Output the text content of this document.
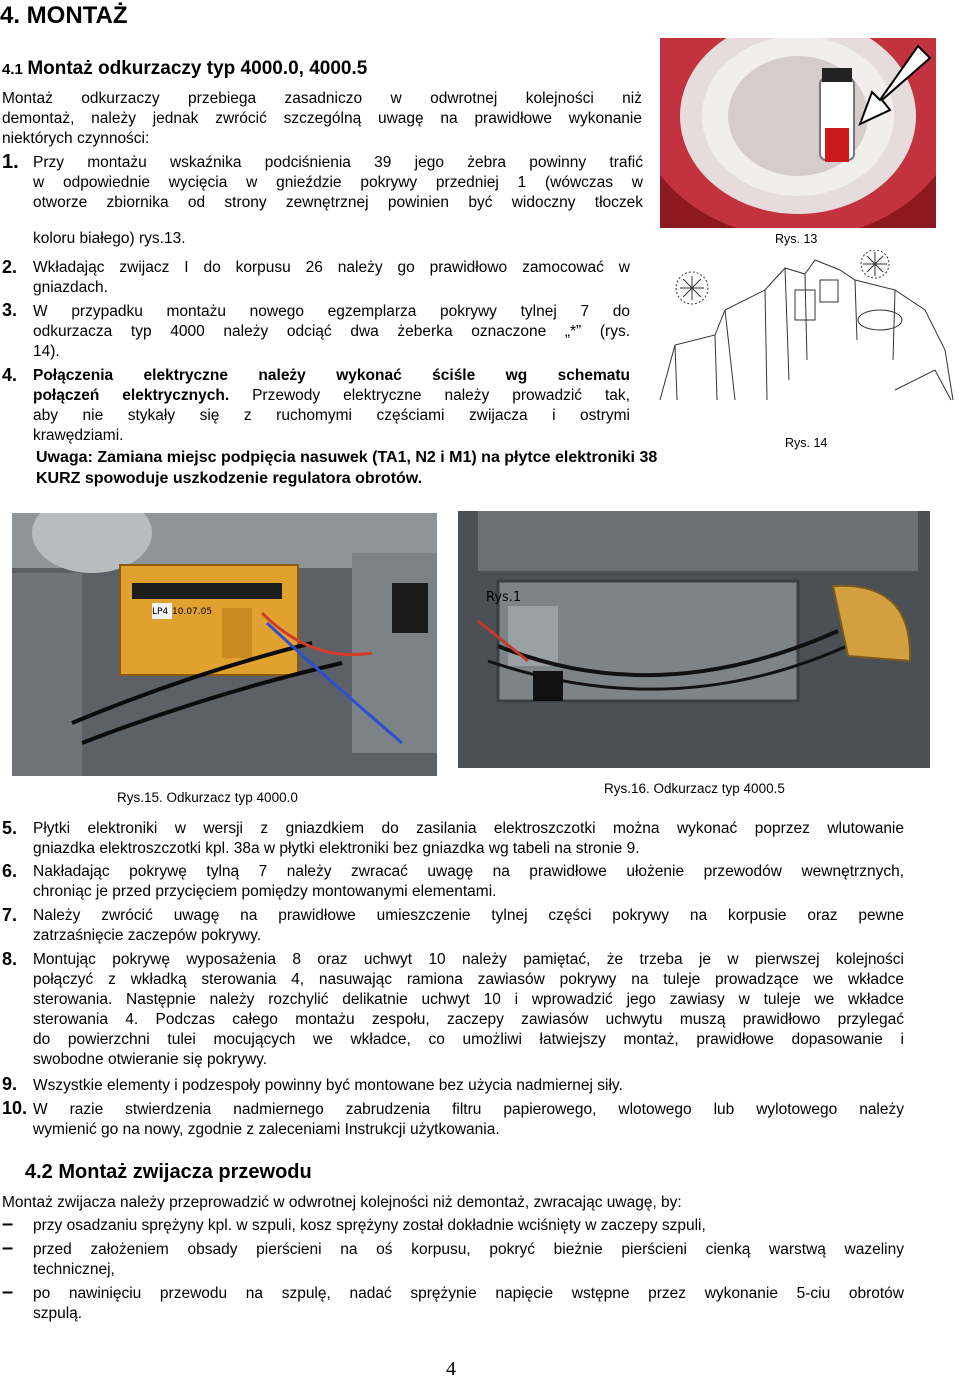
4. MONTAŻ
4.1 Montaż odkurzaczy typ 4000.0, 4000.5
Montaż odkurzaczy przebiega zasadniczo w odwrotnej kolejności niż
demontaż, należy jednak zwrócić szczególną uwagę na prawidłowe wykonanie
niektórych czynności:
1. Przy montażu wskaźnika podciśnienia 39 jego żebra powinny trafić
w odpowiednie wycięcia w gnieździe pokrywy przedniej 1 (wówczas w
otworze zbiornika od strony zewnętrznej powinien być widoczny tłoczek
koloru białego) rys.13.
2. Wkładając zwijacz I do korpusu 26 należy go prawidłowo zamocować w
gniazdach.
3. W przypadku montażu nowego egzemplarza pokrywy tylnej 7 do
odkurzacza typ 4000 należy odciąć dwa żeberka oznaczone „*” (rys.
14).
4. Połączenia elektryczne należy wykonać ściśle wg schematu
połączeń elektrycznych. Przewody elektryczne należy prowadzić tak,
aby nie stykały się z ruchomymi częściami zwijacza i ostrymi
krawędziami.
Uwaga: Zamiana miejsc podpięcia nasuwek (TA1, N2 i M1) na płytce elektroniki 38
KURZ spowoduje uszkodzenie regulatora obrotów.
Rys. 13
Rys. 14
LP4 10.07.05
Rys.15. Odkurzacz typ 4000.0
Rys.1
Rys.16. Odkurzacz typ 4000.5
5. Płytki elektroniki w wersji z gniazdkiem do zasilania elektroszczotki można wykonać poprzez wlutowanie
gniazdka elektroszczotki kpl. 38a w płytki elektroniki bez gniazdka wg tabeli na stronie 9.
6. Nakładając pokrywę tylną 7 należy zwracać uwagę na prawidłowe ułożenie przewodów wewnętrznych,
chroniąc je przed przycięciem pomiędzy montowanymi elementami.
7. Należy zwrócić uwagę na prawidłowe umieszczenie tylnej części pokrywy na korpusie oraz pewne
zatrzaśnięcie zaczepów pokrywy.
8. Montując pokrywę wyposażenia 8 oraz uchwyt 10 należy pamiętać, że trzeba je w pierwszej kolejności
połączyć z wkładką sterowania 4, nasuwając ramiona zawiasów pokrywy na tuleje prowadzące we wkładce
sterowania. Następnie należy rozchylić delikatnie uchwyt 10 i wprowadzić jego zawiasy w tuleje we wkładce
sterowania 4. Podczas całego montażu zespołu, zaczepy zawiasów uchwytu muszą prawidłowo przylegać
do powierzchni tulei mocujących we wkładce, co umożliwi łatwiejszy montaż, prawidłowe dopasowanie i
swobodne otwieranie się pokrywy.
9. Wszystkie elementy i podzespoły powinny być montowane bez użycia nadmiernej siły.
10. W razie stwierdzenia nadmiernego zabrudzenia filtru papierowego, wlotowego lub wylotowego należy
wymienić go na nowy, zgodnie z zaleceniami Instrukcji użytkowania.
4.2 Montaż zwijacza przewodu
Montaż zwijacza należy przeprowadzić w odwrotnej kolejności niż demontaż, zwracając uwagę, by:
– przy osadzaniu sprężyny kpl. w szpuli, kosz sprężyny został dokładnie wciśnięty w zaczepy szpuli,
– przed założeniem obsady pierścieni na oś korpusu, pokryć bieżnie pierścieni cienką warstwą wazeliny
technicznej,
– po nawinięciu przewodu na szpulę, nadać sprężynie napięcie wstępne przez wykonanie 5-ciu obrotów
szpulą.
4
